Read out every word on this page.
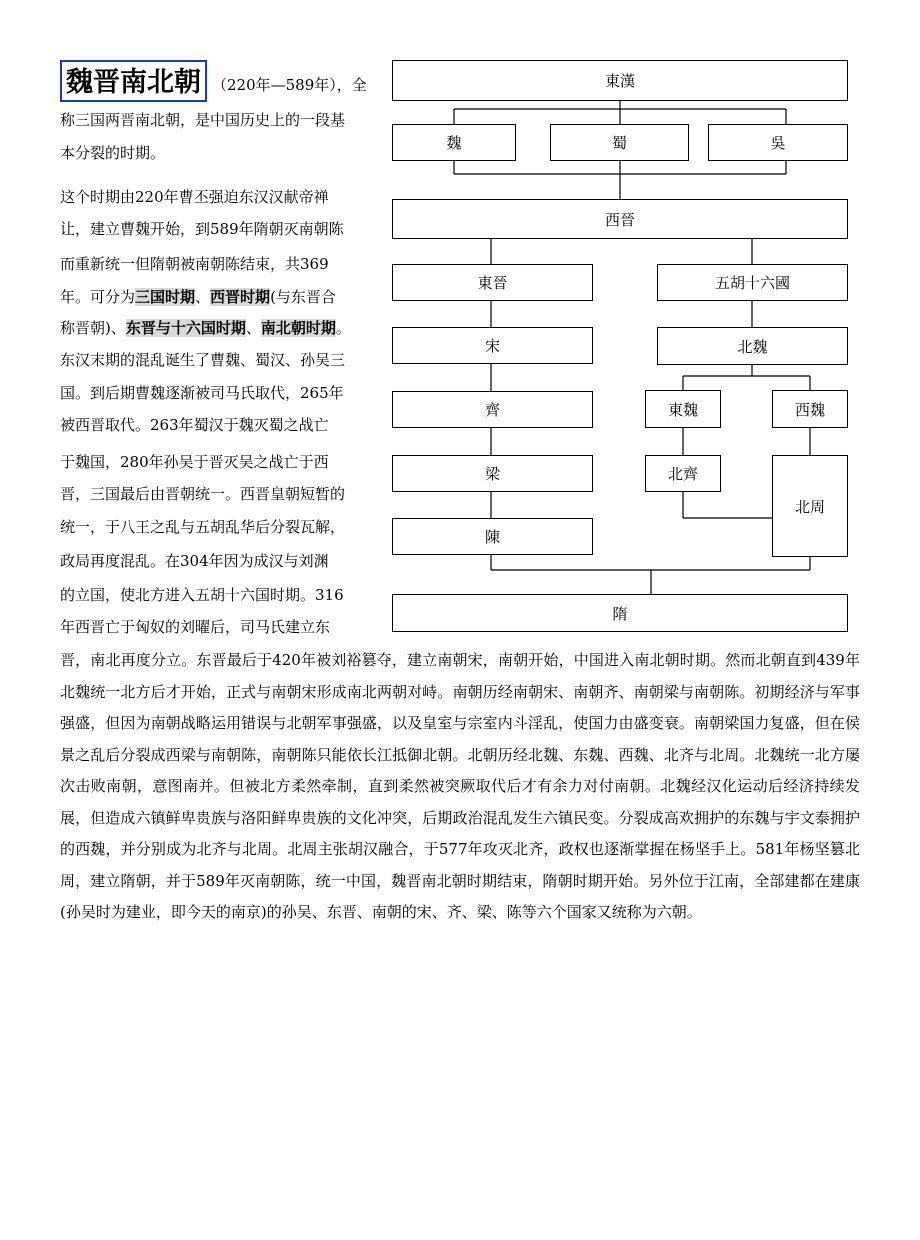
魏晋南北朝 （220年—589年），全
称三国两晋南北朝，是中国历史上的一段基
本分裂的时期。
这个时期由220年曹丕强迫东汉汉献帝禅
让，建立曹魏开始，到589年隋朝灭南朝陈
而重新统一但隋朝被南朝陈结束，共369
年。可分为三国时期、西晋时期(与东晋合
称晋朝)、东晋与十六国时期、南北朝时期。
东汉末期的混乱诞生了曹魏、蜀汉、孙吴三
国。到后期曹魏逐渐被司马氏取代，265年
被西晋取代。263年蜀汉于魏灭蜀之战亡
于魏国，280年孙吴于晋灭吴之战亡于西
晋，三国最后由晋朝统一。西晋皇朝短暂的
统一，于八王之乱与五胡乱华后分裂瓦解，
政局再度混乱。在304年因为成汉与刘渊
的立国，使北方进入五胡十六国时期。316
年西晋亡于匈奴的刘曜后，司马氏建立东
晋，南北再度分立。东晋最后于420年被刘裕篡夺，建立南朝宋，南朝开始，中国进入南北朝时期。然而北朝直到439年北魏统一北方后才开始，正式与南朝宋形成南北两朝对峙。南朝历经南朝宋、南朝齐、南朝梁与南朝陈。初期经济与军事强盛，但因为南朝战略运用错误与北朝军事强盛，以及皇室与宗室内斗淫乱，使国力由盛变衰。南朝梁国力复盛，但在侯景之乱后分裂成西梁与南朝陈，南朝陈只能依长江抵御北朝。北朝历经北魏、东魏、西魏、北齐与北周。北魏统一北方屡次击败南朝，意图南并。但被北方柔然牵制，直到柔然被突厥取代后才有余力对付南朝。北魏经汉化运动后经济持续发展，但造成六镇鲜卑贵族与洛阳鲜卑贵族的文化冲突，后期政治混乱发生六镇民变。分裂成高欢拥护的东魏与宇文泰拥护的西魏，并分别成为北齐与北周。北周主张胡汉融合，于577年攻灭北齐，政权也逐渐掌握在杨坚手上。581年杨坚篡北周，建立隋朝，并于589年灭南朝陈，统一中国，魏晋南北朝时期结束，隋朝时期开始。另外位于江南，全部建都在建康(孙吴时为建业，即今天的南京)的孙吴、东晋、南朝的宋、齐、梁、陈等六个国家又统称为六朝。
東漢
魏	蜀	吳
西晉
東晉	五胡十六國
宋	北魏
齊	東魏	西魏
梁	北齊
北周
陳
隋
